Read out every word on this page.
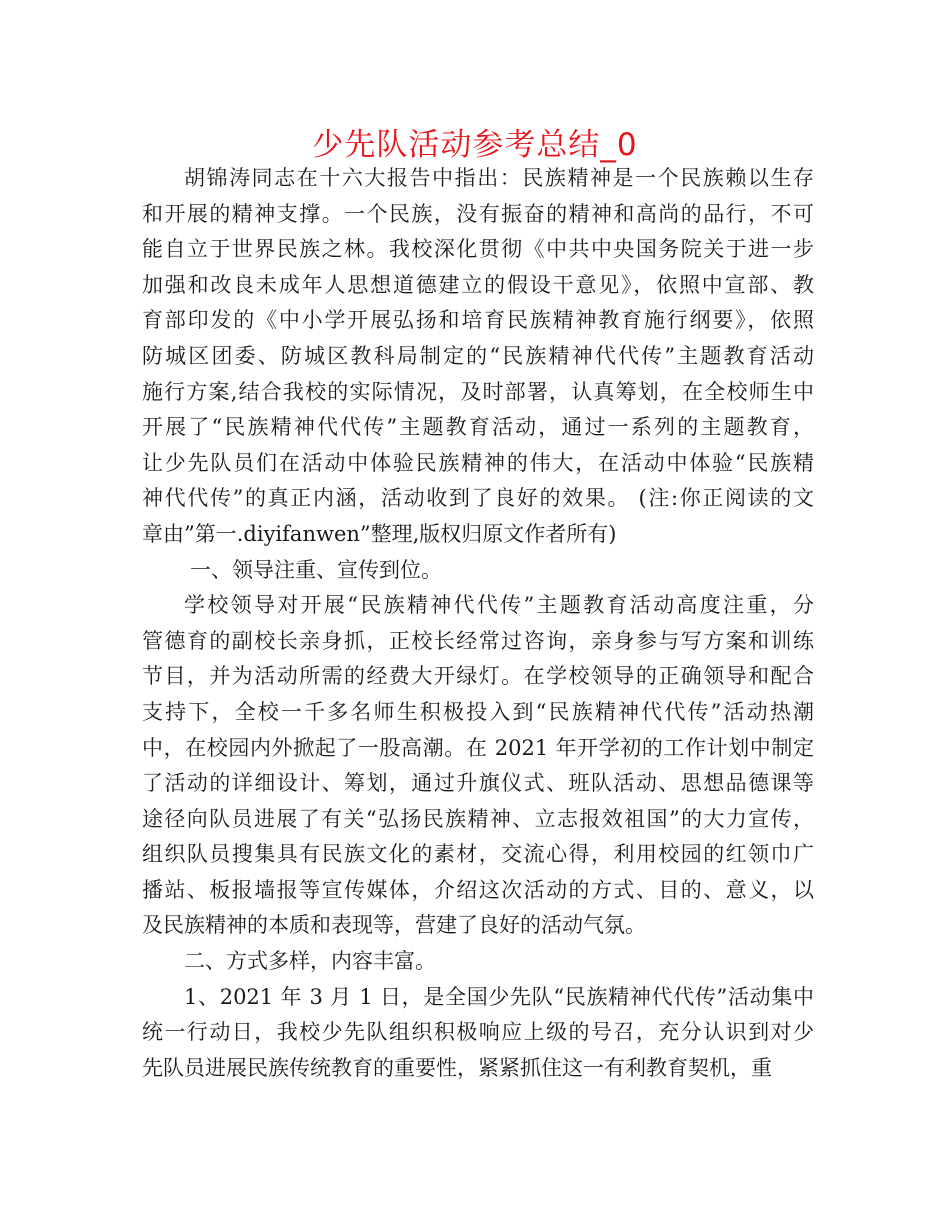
少先队活动参考总结_0
胡锦涛同志在十六大报告中指出：民族精神是一个民族赖以生存
和开展的精神支撑。一个民族，没有振奋的精神和高尚的品行，不可
能自立于世界民族之林。我校深化贯彻《中共中央国务院关于进一步
加强和改良未成年人思想道德建立的假设干意见》，依照中宣部、教
育部印发的《中小学开展弘扬和培育民族精神教育施行纲要》，依照
防城区团委、防城区教科局制定的“民族精神代代传”主题教育活动
施行方案,结合我校的实际情况，及时部署，认真筹划，在全校师生中
开展了“民族精神代代传”主题教育活动，通过一系列的主题教育，
让少先队员们在活动中体验民族精神的伟大，在活动中体验“民族精
神代代传”的真正内涵，活动收到了良好的效果。 (注:你正阅读的文
章由”第一.diyifanwen”整理,版权归原文作者所有)
一、领导注重、宣传到位。
学校领导对开展“民族精神代代传”主题教育活动高度注重，分
管德育的副校长亲身抓，正校长经常过咨询，亲身参与写方案和训练
节目，并为活动所需的经费大开绿灯。在学校领导的正确领导和配合
支持下，全校一千多名师生积极投入到“民族精神代代传”活动热潮
中，在校园内外掀起了一股高潮。在 2021 年开学初的工作计划中制定
了活动的详细设计、筹划，通过升旗仪式、班队活动、思想品德课等
途径向队员进展了有关“弘扬民族精神、立志报效祖国”的大力宣传，
组织队员搜集具有民族文化的素材，交流心得，利用校园的红领巾广
播站、板报墙报等宣传媒体，介绍这次活动的方式、目的、意义，以
及民族精神的本质和表现等，营建了良好的活动气氛。
二、方式多样，内容丰富。
1、2021 年 3 月 1 日，是全国少先队“民族精神代代传”活动集中
统一行动日，我校少先队组织积极响应上级的号召，充分认识到对少
先队员进展民族传统教育的重要性，紧紧抓住这一有利教育契机，重
